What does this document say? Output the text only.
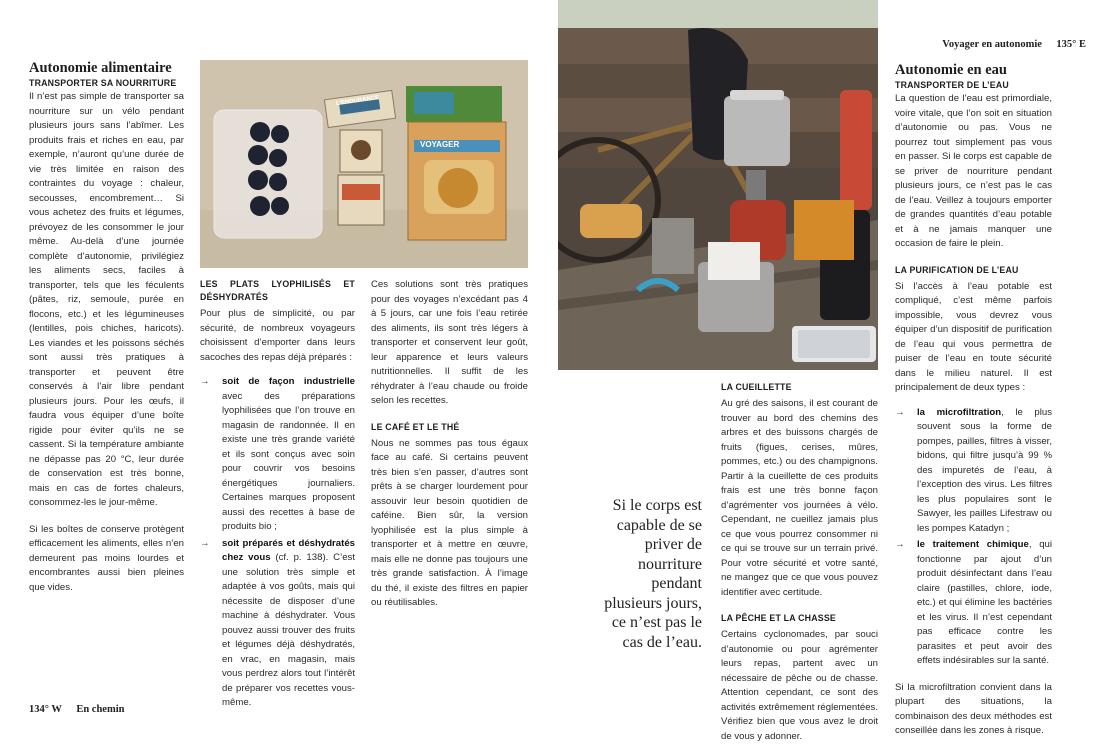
Autonomie alimentaire
TRANSPORTER SA NOURRITURE

Il n’est pas simple de transporter sa nourriture sur un vélo pendant plusieurs jours sans l’abîmer. Les produits frais et riches en eau, par exemple, n’auront qu’une durée de vie très limitée en raison des contraintes du voyage : chaleur, secousses, encombrement… Si vous achetez des fruits et légumes, prévoyez de les consommer le jour même. Au-delà d’une journée complète d’autonomie, privilégiez les aliments secs, faciles à transporter, tels que les féculents (pâtes, riz, semoule, purée en flocons, etc.) et les légumineuses (lentilles, pois chiches, haricots). Les viandes et les poissons séchés sont aussi très pratiques à transporter et peuvent être conservés à l’air libre pendant plusieurs jours. Pour les œufs, il faudra vous équiper d’une boîte rigide pour éviter qu’ils ne se cassent. Si la température ambiante ne dépasse pas 20 °C, leur durée de conservation est très bonne, mais en cas de fortes chaleurs, consommez-les le jour-même.

Si les boîtes de conserve protègent efficacement les aliments, elles n’en demeurent pas moins lourdes et encombrantes aussi bien pleines que vides.

VOYAGER
L’ENDURANCE
LES PLATS LYOPHILISÉS ET DÉSHYDRATÉS

Pour plus de simplicité, ou par sécurité, de nombreux voyageurs choisissent d’emporter dans leurs sacoches des repas déjà préparés :

→ soit de façon industrielle avec des préparations lyophilisées que l’on trouve en magasin de randonnée. Il en existe une très grande variété et ils sont conçus avec soin pour couvrir vos besoins énergétiques journaliers. Certaines marques proposent aussi des recettes à base de produits bio ;
→ soit préparés et déshydratés chez vous (cf. p. 138). C’est une solution très simple et adaptée à vos goûts, mais qui nécessite de disposer d’une machine à déshydrater. Vous pouvez aussi trouver des fruits et légumes déjà déshydratés, en vrac, en magasin, mais vous perdrez alors tout l’intérêt de préparer vos recettes vous-même.

Ces solutions sont très pratiques pour des voyages n’excédant pas 4 à 5 jours, car une fois l’eau retirée des aliments, ils sont très légers à transporter et conservent leur goût, leur apparence et leurs valeurs nutritionnelles. Il suffit de les réhydrater à l’eau chaude ou froide selon les recettes.

LE CAFÉ ET LE THÉ

Nous ne sommes pas tous égaux face au café. Si certains peuvent très bien s’en passer, d’autres sont prêts à se charger lourdement pour assouvir leur besoin quotidien de caféine. Bien sûr, la version lyophilisée est la plus simple à transporter et à mettre en œuvre, mais elle ne donne pas toujours une très grande satisfaction. À l’image du thé, il existe des filtres en papier ou réutilisables.

134° W En chemin
Voyager en autonomie 135° E
Si le corps est capable de se priver de nourriture pendant plusieurs jours, ce n’est pas le cas de l’eau.
LA CUEILLETTE

Au gré des saisons, il est courant de trouver au bord des chemins des arbres et des buissons chargés de fruits (figues, cerises, mûres, pommes, etc.) ou des champignons. Partir à la cueillette de ces produits frais est une très bonne façon d’agrémenter vos journées à vélo. Cependant, ne cueillez jamais plus ce que vous pourrez consommer ni ce qui se trouve sur un terrain privé. Pour votre sécurité et votre santé, ne mangez que ce que vous pouvez identifier avec certitude.

LA PÊCHE ET LA CHASSE

Certains cyclonomades, par souci d’autonomie ou pour agrémenter leurs repas, partent avec un nécessaire de pêche ou de chasse. Attention cependant, ce sont des activités extrêmement réglementées. Vérifiez bien que vous avez le droit de vous y adonner.

Autonomie en eau
TRANSPORTER DE L’EAU

La question de l’eau est primordiale, voire vitale, que l’on soit en situation d’autonomie ou pas. Vous ne pourrez tout simplement pas vous en passer. Si le corps est capable de se priver de nourriture pendant plusieurs jours, ce n’est pas le cas de l’eau. Veillez à toujours emporter de grandes quantités d’eau potable et à ne jamais manquer une occasion de faire le plein.

LA PURIFICATION DE L’EAU

Si l’accès à l’eau potable est compliqué, c’est même parfois impossible, vous devrez vous équiper d’un dispositif de purification de l’eau qui vous permettra de puiser de l’eau en toute sécurité dans le milieu naturel. Il est principalement de deux types :

→ la microfiltration, le plus souvent sous la forme de pompes, pailles, filtres à visser, bidons, qui filtre jusqu’à 99 % des impuretés de l’eau, à l’exception des virus. Les filtres les plus populaires sont le Sawyer, les pailles Lifestraw ou les pompes Katadyn ;
→ le traitement chimique, qui fonctionne par ajout d’un produit désinfectant dans l’eau claire (pastilles, chlore, iode, etc.) et qui élimine les bactéries et les virus. Il n’est cependant pas efficace contre les parasites et peut avoir des effets indésirables sur la santé.

Si la microfiltration convient dans la plupart des situations, la combinaison des deux méthodes est conseillée dans les zones à risque.
